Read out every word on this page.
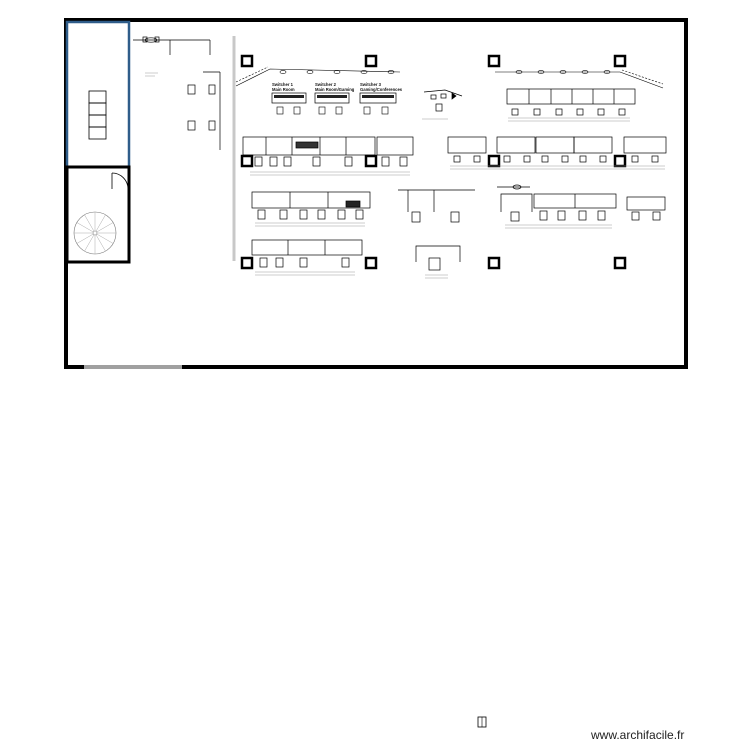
Switcher 1
Main Room
Switcher 2
Main Room/Gaming
Switcher 3
Gaming/Conferences
www.archifacile.fr
